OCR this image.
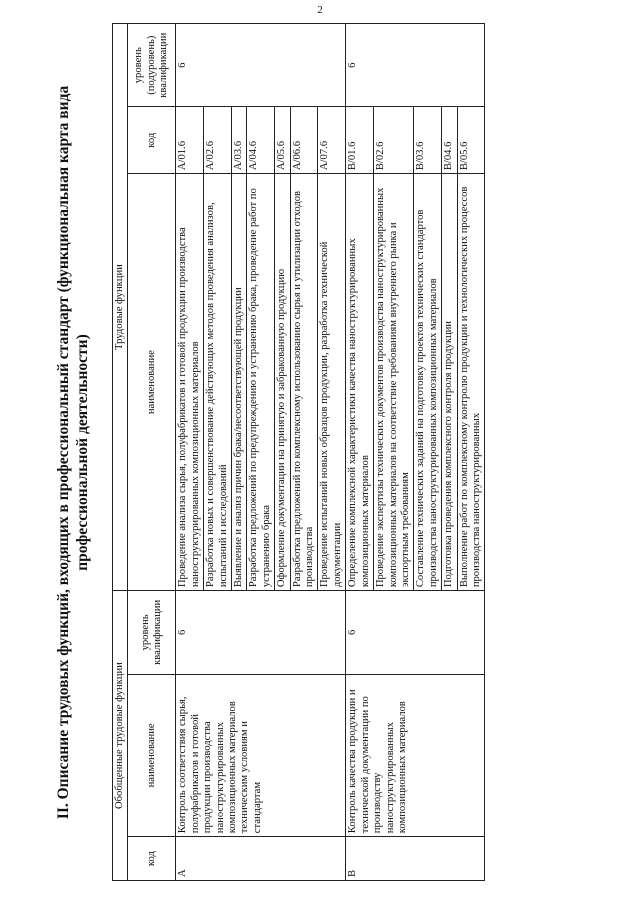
2
II. Описание трудовых функций, входящих в профессиональный стандарт (функциональная карта вида профессиональной деятельности)
Обобщенные трудовые функции			Трудовые функции		
код	наименование	уровень квалификации	наименование	код	уровень (подуровень) квалификации
A	Контроль соответствия сырья, полуфабрикатов и готовой продукции производства наноструктурированных композиционных материалов техническим условиям и стандартам	6	Проведение анализа сырья, полуфабрикатов и готовой продукции производства наноструктурированных композиционных материалов	A/01.6	6
			Разработка новых и совершенствование действующих методов проведения анализов, испытаний и исследований	A/02.6	
			Выявление и анализ причин брака/несоответствующей продукции	A/03.6	
			Разработка предложений по предупреждению и устранению брака, проведение работ по устранению брака	A/04.6	
			Оформление документации на принятую и забракованную продукцию	A/05.6	
			Разработка предложений по комплексному использованию сырья и утилизации отходов производства	A/06.6	
			Проведение испытаний новых образцов продукции, разработка технической документации	A/07.6	
B	Контроль качества продукции и технической документации по производству наноструктурированных композиционных материалов	6	Определение комплексной характеристики качества наноструктурированных композиционных материалов	B/01.6	6
			Проведение экспертизы технических документов производства наноструктурированных композиционных материалов на соответствие требованиям внутреннего рынка и экспортным требованиям	B/02.6	
			Составление технических заданий на подготовку проектов технических стандартов производства наноструктурированных композиционных материалов	B/03.6	
			Подготовка проведения комплексного контроля продукции	B/04.6	
			Выполнение работ по комплексному контролю продукции и технологических процессов производства наноструктурированных	B/05.6	
